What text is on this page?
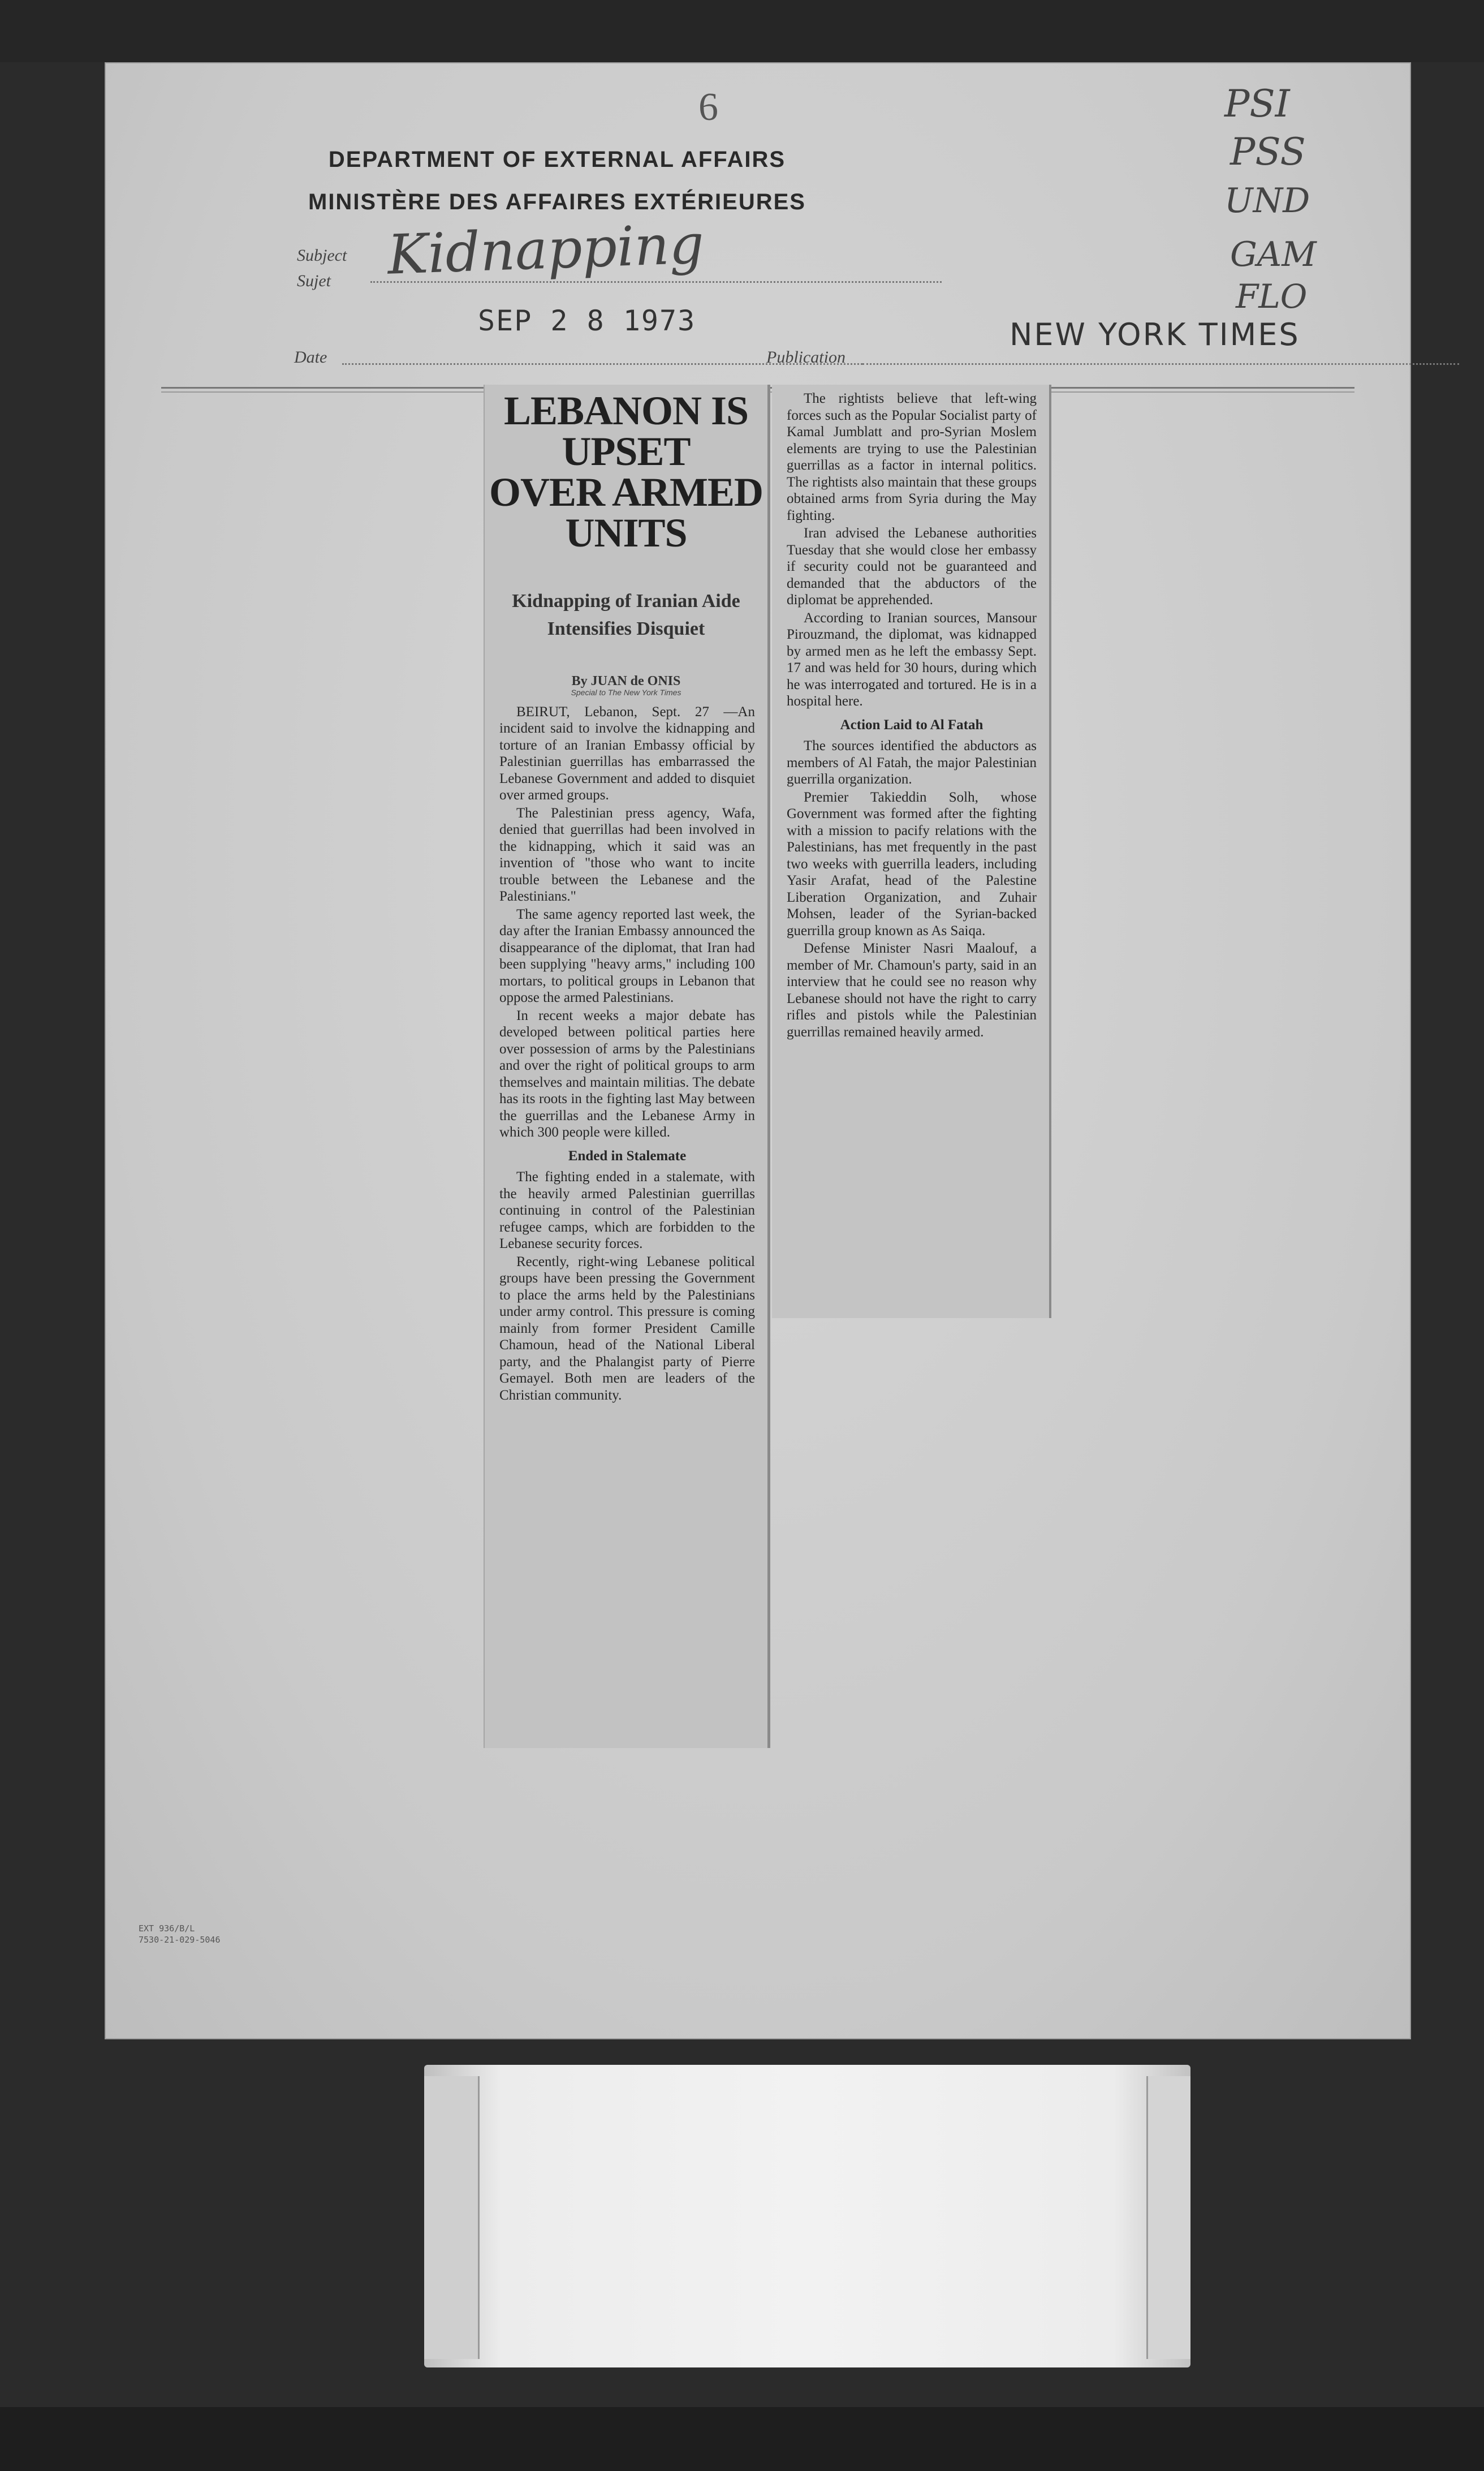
6
DEPARTMENT OF EXTERNAL AFFAIRS
MINISTÈRE DES AFFAIRES EXTÉRIEURES
PSI
PSS
UND
GAM
FLO
Subject
Sujet Kidnapping
SEP 2 8 1973
Date	Publication
NEW YORK TIMES
LEBANON IS UPSET
OVER ARMED UNITS
Kidnapping of Iranian Aide
Intensifies Disquiet
By JUAN de ONIS
Special to The New York Times

BEIRUT, Lebanon, Sept. 27 —An incident said to involve the kidnapping and torture of an Iranian Embassy official by Palestinian guerrillas has embarrassed the Lebanese Government and added to disquiet over armed groups.

The Palestinian press agency, Wafa, denied that guerrillas had been involved in the kidnapping, which it said was an invention of "those who want to incite trouble between the Lebanese and the Palestinians."

The same agency reported last week, the day after the Iranian Embassy announced the disappearance of the diplomat, that Iran had been supplying "heavy arms," including 100 mortars, to political groups in Lebanon that oppose the armed Palestinians.

In recent weeks a major debate has developed between political parties here over possession of arms by the Palestinians and over the right of political groups to arm themselves and maintain militias. The debate has its roots in the fighting last May between the guerrillas and the Lebanese Army in which 300 people were killed.

Ended in Stalemate

The fighting ended in a stalemate, with the heavily armed Palestinian guerrillas continuing in control of the Palestinian refugee camps, which are forbidden to the Lebanese security forces.

Recently, right-wing Lebanese political groups have been pressing the Government to place the arms held by the Palestinians under army control. This pressure is coming mainly from former President Camille Chamoun, head of the National Liberal party, and the Phalangist party of Pierre Gemayel. Both men are leaders of the Christian community.

The rightists believe that left-wing forces such as the Popular Socialist party of Kamal Jumblatt and pro-Syrian Moslem elements are trying to use the Palestinian guerrillas as a factor in internal politics. The rightists also maintain that these groups obtained arms from Syria during the May fighting.

Iran advised the Lebanese authorities Tuesday that she would close her embassy if security could not be guaranteed and demanded that the abductors of the diplomat be apprehended.

According to Iranian sources, Mansour Pirouzmand, the diplomat, was kidnapped by armed men as he left the embassy Sept. 17 and was held for 30 hours, during which he was interrogated and tortured. He is in a hospital here.

Action Laid to Al Fatah

The sources identified the abductors as members of Al Fatah, the major Palestinian guerrilla organization.

Premier Takieddin Solh, whose Government was formed after the fighting with a mission to pacify relations with the Palestinians, has met frequently in the past two weeks with guerrilla leaders, including Yasir Arafat, head of the Palestine Liberation Organization, and Zuhair Mohsen, leader of the Syrian-backed guerrilla group known as As Saiqa.

Defense Minister Nasri Maalouf, a member of Mr. Chamoun's party, said in an interview that he could see no reason why Lebanese should not have the right to carry rifles and pistols while the Palestinian guerrillas remained heavily armed.

EXT 936/B/L
7530-21-029-5046
